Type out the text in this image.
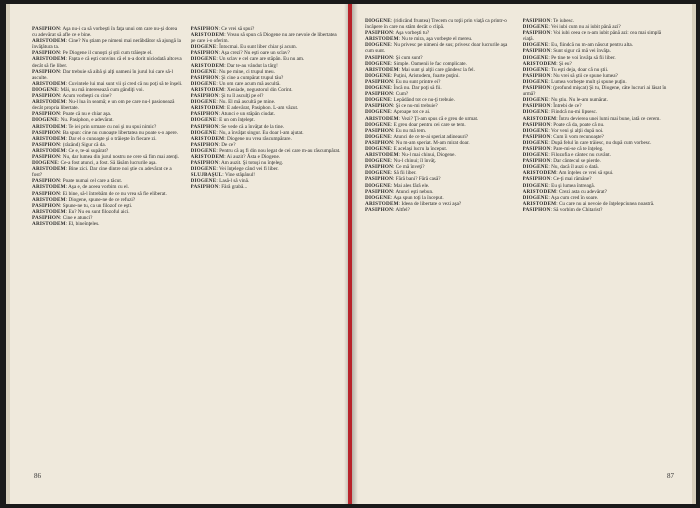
PASIPHON: Aşa nu‑i ca să vorbeşti în faţa unui om care nu‑şi dorea cu adevărat să afle ce e bine.

ARISTODEM: Cine? Nu ştiam pe nimeni mai nerăbdător să ajungă la învăţătura ta.

PASIPHON: Pe Diogene il cunoşti şi ştii cum trăieşte el.

ARISTODEM: Fapta e că eşti convins că el n‑a dorit niciodată altceva decât să fie liber.

PASIPHON: Dar trebuie să aibă şi alţi oameni în jurul lui care să‑l asculte.

ARISTODEM: Cuvintele lui mai sunt vii şi cred că nu poţi să te înşeli.

DIOGENE: Măi, nu mă interesează cum gândiţi voi.

PASIPHON: Acum vorbeşti cu cine?

ARISTODEM: Nu‑l lua în seamă; e un om pe care nu‑l pasionează decât propria libertate.

PASIPHON: Poate că nu e chiar aşa.

DIOGENE: Nu. Pasiphon, e adevărat.

ARISTODEM: Te iei prin urmare cu noi şi nu spui nimic?

PASIPHON: Ba spun: cine nu cunoaşte libertatea nu poate s‑o apere.

ARISTODEM: Dar el o cunoaşte şi o trăieşte în fiecare zi.

PASIPHON: (râzând) Sigur că da.

ARISTODEM: Ce e, te‑ai supărat?

PASIPHON: Nu, dar lumea din jurul nostru ne cere să fim mai atenţi.

DIOGENE: Ce‑a fost atunci, a fost. Să lăsăm lucrurile aşa.

ARISTODEM: Bine zici. Dar cine dintre noi ştie cu adevărat ce a fost?

PASIPHON: Poate numai cel care a tăcut.

ARISTODEM: Aşa e, de aceea vorbim cu el.

PASIPHON: Ei bine, să‑l întrebăm de ce nu vrea să fie eliberat.

ARISTODEM: Diogene, spune‑ne de ce refuzi?

PASIPHON: Spune‑ne tu, ca un filozof ce eşti.

ARISTODEM: Eu? Nu eu sunt filozoful aici.

PASIPHON: Cine e atunci?

ARISTODEM: El, bineînţeles.

PASIPHON: Ce vrei să spui?

ARISTODEM: Vreau să spun că Diogene nu are nevoie de libertatea pe care i‑o oferim.

DIOGENE: Întocmai. Eu sunt liber chiar şi acum.

PASIPHON: Aşa crezi? Nu eşti oare un sclav?

DIOGENE: Un sclav e cel care are stăpân. Eu nu am.

ARISTODEM: Dar te‑au vândut la târg!

DIOGENE: Nu pe mine, ci trupul meu.

PASIPHON: Şi cine a cumpărat trupul tău?

DIOGENE: Un om care acum mă ascultă.

ARISTODEM: Xeniade, negustorul din Corint.

PASIPHON: Şi tu îl asculţi pe el?

DIOGENE: Nu. El mă ascultă pe mine.

ARISTODEM: E adevărat, Pasiphon. L‑am văzut.

PASIPHON: Atunci e un stăpân ciudat.

DIOGENE: E un om înţelept.

PASIPHON: Se vede că a învăţat de la tine.

DIOGENE: Nu, a învăţat singur. Eu doar l‑am ajutat.

ARISTODEM: Diogene nu vrea răscumpărare.

PASIPHON: De ce?

DIOGENE: Pentru că aş fi din nou legat de cei care m‑au răscumpărat.

ARISTODEM: Ai auzit? Ăsta e Diogene.

PASIPHON: Am auzit. Şi totuşi nu înţeleg.

DIOGENE: Vei înţelege când vei fi liber.

SLUJBAŞUL: Vine stăpânul!

DIOGENE: Lasă‑l să vină.

PASIPHON: Fără grabă...

86

DIOGENE: (ridicând fruntea) Trecem cu toţii prin viaţă ca printr‑o încăpere în care nu stăm decât o clipă.

PASIPHON: Aşa vorbeşti tu?

ARISTODEM: Nu te mira, aşa vorbeşte el mereu.

DIOGENE: Nu privesc pe nimeni de sus; privesc doar lucrurile aşa cum sunt.

PASIPHON: Şi cum sunt?

DIOGENE: Simple. Oamenii le fac complicate.

ARISTODEM: Mai sunt şi alţii care gândesc la fel.

DIOGENE: Puţini, Aristodem, foarte puţini.

PASIPHON: Eu nu sunt printre ei?

DIOGENE: Încă nu. Dar poţi să fii.

PASIPHON: Cum?

DIOGENE: Lepădând tot ce nu‑ţi trebuie.

PASIPHON: Şi ce nu‑mi trebuie?

DIOGENE: Aproape tot ce ai.

ARISTODEM: Vezi? Ţi‑am spus că e greu de urmat.

DIOGENE: E greu doar pentru cei care se tem.

PASIPHON: Eu nu mă tem.

DIOGENE: Atunci de ce te‑ai speriat adineauri?

PASIPHON: Nu m‑am speriat. M‑am mirat doar.

DIOGENE: E acelaşi lucru la început.

ARISTODEM: Nu‑l mai chinui, Diogene.

DIOGENE: Nu‑l chinui; îl învăţ.

PASIPHON: Ce mă înveţi?

DIOGENE: Să fii liber.

PASIPHON: Fără bani? Fără casă?

DIOGENE: Mai ales fără ele.

PASIPHON: Atunci eşti nebun.

DIOGENE: Aşa spun toţi la început.

ARISTODEM: Ideea de libertate o vezi aşa?

PASIPHON: Altfel?

PASIPHON: Te iubesc.

DIOGENE: Vei iubi cum nu ai iubit până azi?

PASIPHON: Voi iubi ceea ce n‑am iubit până azi: cea mai simplă viaţă.

DIOGENE: Eu, fiindcă nu m‑am născut pentru alta.

PASIPHON: Sunt sigur că mă vei învăţa.

DIOGENE: Pe tine te voi învăţa să fii liber.

ARISTODEM: Şi eu?

DIOGENE: Tu eşti deja, doar că nu ştii.

PASIPHON: Nu vrei să ştii ce spune lumea?

DIOGENE: Lumea vorbeşte mult şi spune puţin.

PASIPHON: (profund mişcat) Şi tu, Diogene, câte lucruri ai lăsat în urmă?

DIOGENE: Nu ştiu. Nu le‑am numărat.

PASIPHON: Întrebi de ce?

DIOGENE: Fiindcă nu‑mi lipsesc.

ARISTODEM: Întru devierea unei lumi mai bune, iată ce cerem.

PASIPHON: Poate că da, poate că nu.

DIOGENE: Vor veni şi alţii după noi.

PASIPHON: Cum îi vom recunoaşte?

DIOGENE: După felul în care trăiesc, nu după cum vorbesc.

PASIPHON: Pare‑mi‑se că te înţeleg.

DIOGENE: Filozofia e cântec nu cuvânt.

PASIPHON: Dar cântecul se pierde.

DIOGENE: Nu, dacă îl auzi o dată.

ARISTODEM: Am înţeles ce vrei să spui.

PASIPHON: Ce‑ţi mai rămâne?

DIOGENE: Eu şi lumea întreagă.

ARISTODEM: Crezi asta cu adevărat?

DIOGENE: Aşa cum cred în soare.

ARISTODEM: Cu care nu ai nevoie de înţelepciunea noastră.

PASIPHON: Să vorbim de Chitarist?

87
